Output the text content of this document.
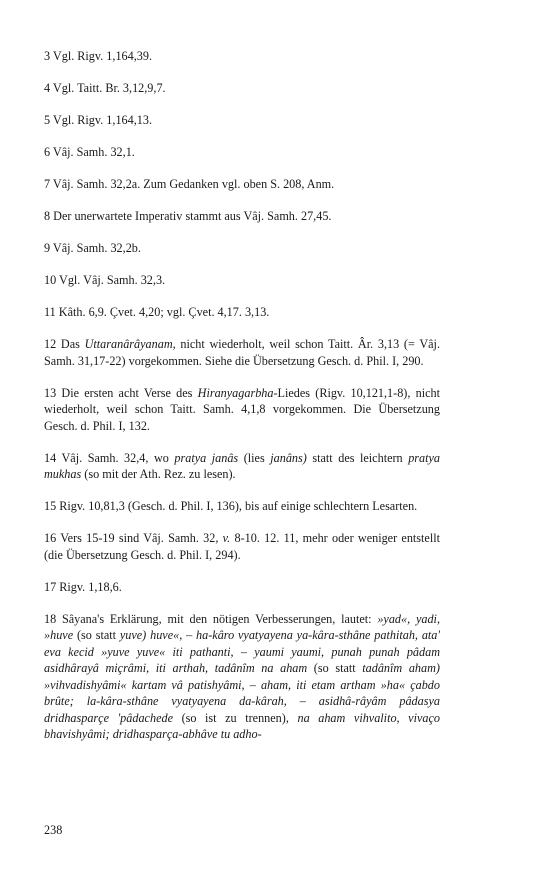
3 Vgl. Rigv. 1,164,39.

4 Vgl. Taitt. Br. 3,12,9,7.

5 Vgl. Rigv. 1,164,13.

6 Vâj. Samh. 32,1.

7 Vâj. Samh. 32,2a. Zum Gedanken vgl. oben S. 208, Anm.

8 Der unerwartete Imperativ stammt aus Vâj. Samh. 27,45.

9 Vâj. Samh. 32,2b.

10 Vgl. Vâj. Samh. 32,3.

11 Kâth. 6,9. Çvet. 4,20; vgl. Çvet. 4,17. 3,13.

12 Das Uttaranârâyanam, nicht wiederholt, weil schon Taitt. Âr. 3,13 (= Vâj. Samh. 31,17-22) vorgekommen. Siehe die Übersetzung Gesch. d. Phil. I, 290.

13 Die ersten acht Verse des Hiranyagarbha-Liedes (Rigv. 10,121,1-8), nicht wiederholt, weil schon Taitt. Samh. 4,1,8 vorgekommen. Die Übersetzung Gesch. d. Phil. I, 132.

14 Vâj. Samh. 32,4, wo pratya janâs (lies janâns) statt des leichtern pratya mukhas (so mit der Ath. Rez. zu lesen).

15 Rigv. 10,81,3 (Gesch. d. Phil. I, 136), bis auf einige schlechtern Lesarten.

16 Vers 15-19 sind Vâj. Samh. 32, v. 8-10. 12. 11, mehr oder weniger entstellt (die Übersetzung Gesch. d. Phil. I, 294).

17 Rigv. 1,18,6.

18 Sâyana's Erklärung, mit den nötigen Verbesserungen, lautet: »yad«, yadi, »huve (so statt yuve) huve«, – ha-kâro vyatyayena ya-kâra-sthâne pathitah, ata' eva kecid »yuve yuve« iti pathanti, – yaumi yaumi, punah punah pâdam asidhârayâ miçrâmi, iti arthah, tadânîm na aham (so statt tadânîm aham) »vihvadishyâmi« kartam vâ patishyâmi, – aham, iti etam artham »ha« çabdo brûte; la-kâra-sthâne vyatyayena da-kârah, – asidhâ-râyâm pâdasya dridhasparçe 'pâdachede (so ist zu trennen), na aham vihvalito, vivaço bhavishyâmi; dridhasparça-abhâve tu adho-

238
